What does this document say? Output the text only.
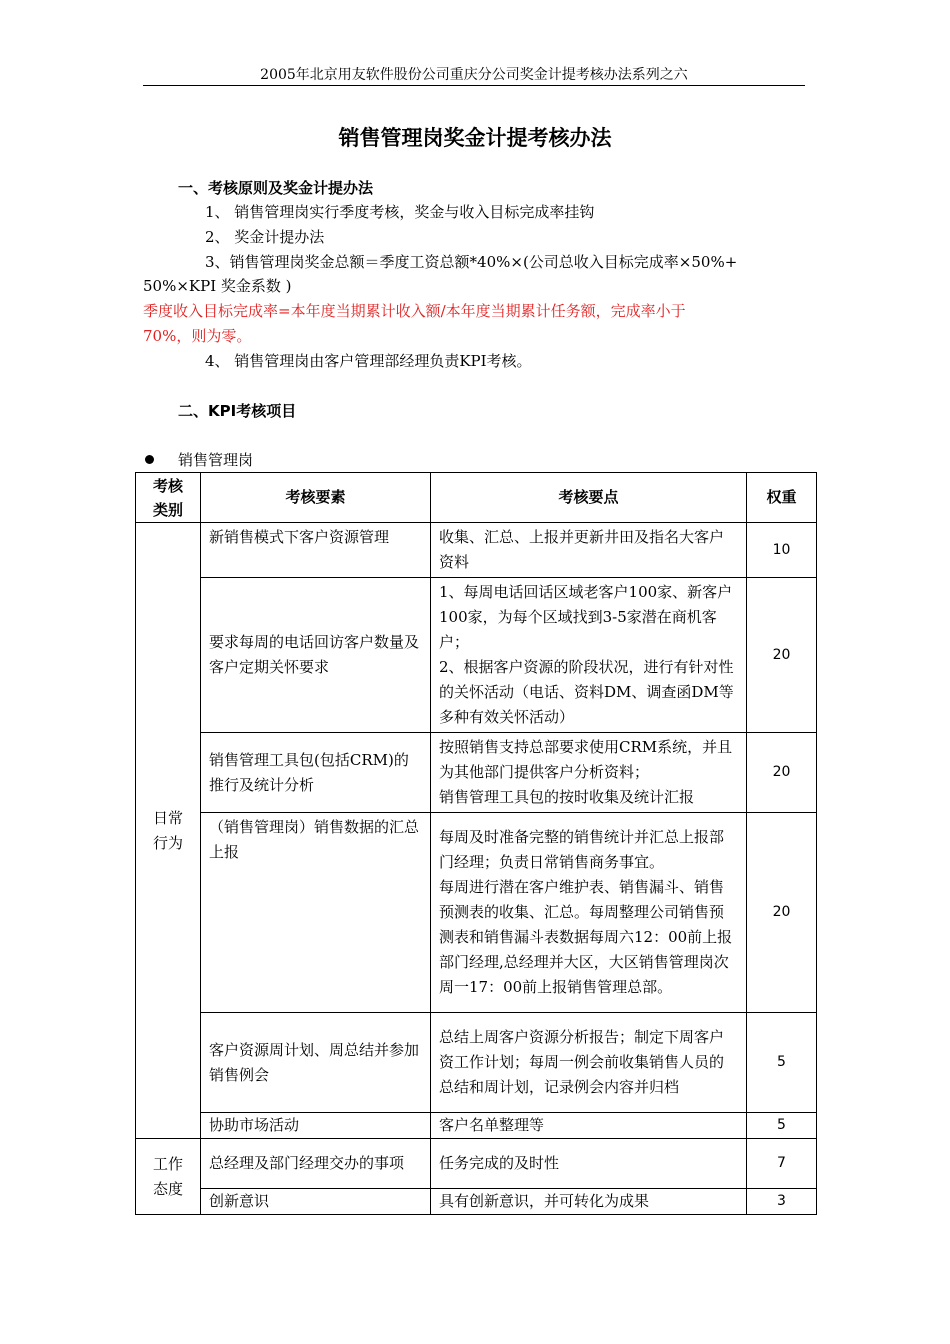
2005年北京用友软件股份公司重庆分公司奖金计提考核办法系列之六
销售管理岗奖金计提考核办法
一、考核原则及奖金计提办法
1、 销售管理岗实行季度考核，奖金与收入目标完成率挂钩
2、 奖金计提办法
3、销售管理岗奖金总额＝季度工资总额*40%×(公司总收入目标完成率×50%+
50%×KPI 奖金系数 )
季度收入目标完成率=本年度当期累计收入额/本年度当期累计任务额，完成率小于
70%，则为零。
4、 销售管理岗由客户管理部经理负责KPI考核。
二、KPI考核项目
销售管理岗
考核类别	考核要素	考核要点	权重
日常行为	新销售模式下客户资源管理	收集、汇总、上报并更新井田及指名大客户资料	10
	要求每周的电话回访客户数量及客户定期关怀要求	1、每周电话回话区域老客户100家、新客户100家，为每个区域找到3-5家潜在商机客户；
2、根据客户资源的阶段状况，进行有针对性的关怀活动（电话、资料DM、调查函DM等多种有效关怀活动）	20
	销售管理工具包(包括CRM)的推行及统计分析	按照销售支持总部要求使用CRM系统，并且为其他部门提供客户分析资料；
销售管理工具包的按时收集及统计汇报	20
	（销售管理岗）销售数据的汇总上报	每周及时准备完整的销售统计并汇总上报部门经理；负责日常销售商务事宜。
每周进行潜在客户维护表、销售漏斗、销售预测表的收集、汇总。每周整理公司销售预测表和销售漏斗表数据每周六12：00前上报部门经理,总经理并大区，大区销售管理岗次周一17：00前上报销售管理总部。	20
	客户资源周计划、周总结并参加销售例会	总结上周客户资源分析报告；制定下周客户资工作计划；每周一例会前收集销售人员的总结和周计划，记录例会内容并归档	5
	协助市场活动	客户名单整理等	5
工作态度	总经理及部门经理交办的事项	任务完成的及时性	7
	创新意识	具有创新意识，并可转化为成果	3
